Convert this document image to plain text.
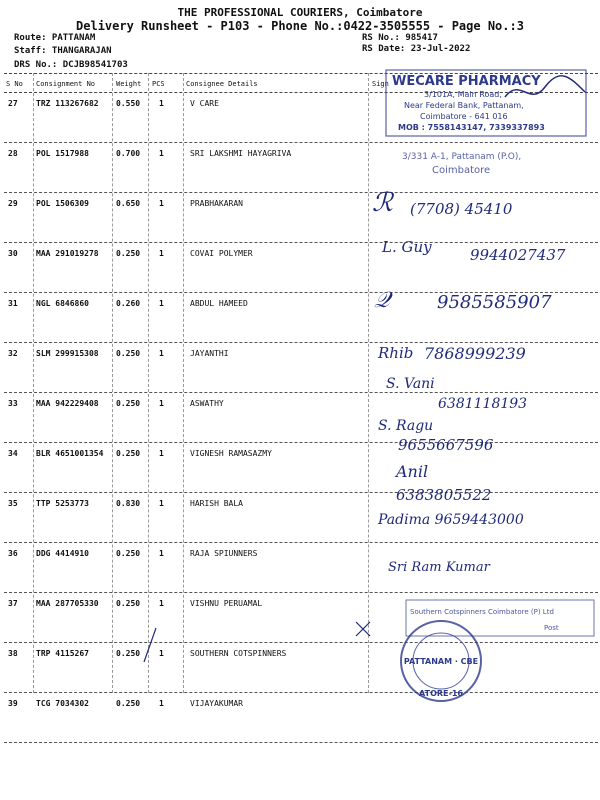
THE PROFESSIONAL COURIERS, Coimbatore
Delivery Runsheet - P103 - Phone No.:0422-3505555 - Page No.:3
Route: PATTANAM
Staff: THANGARAJAN
DRS No.: DCJB98541703
RS No.: 985417
RS Date: 23-Jul-2022
S No Consignment No	Weight PCS	Consignee Details	Sign
27 TRZ 113267682 0.550 1	V CARE
28 POL 1517988	0.700 1	SRI LAKSHMI HAYAGRIVA
29 POL 1506309	0.650 1	PRABHAKARAN
30 MAA 291019278 0.250 1	COVAI POLYMER
31 NGL 6846860	0.260 1	ABDUL HAMEED
32 SLM 299915308 0.250 1	JAYANTHI
33 MAA 942229408 0.250 1	ASWATHY
34 BLR 4651001354 0.250 1	VIGNESH RAMASAZMY
35 TTP 5253773	0.830 1	HARISH BALA
36 DDG 4414910	0.250 1	RAJA SPIUNNERS
37 MAA 287705330 0.250 1	VISHNU PERUAMAL
38 TRP 4115267	0.250 1	SOUTHERN COTSPINNERS
39 TCG 7034302	0.250 1	VIJAYAKUMAR
WECARE PHARMACY
3/101A, Main Road,
Near Federal Bank, Pattanam,
Coimbatore - 641 016
MOB : 7558143147, 7339337893
3/331 A-1, Pattanam (P.O),
Coimbatore
ℛ (7708) 45410
L. Guy	9944027437
𝒬	9585585907
Rhib 7868999239
S. Vani
6381118193
S. Ragu
9655667596
Anil
6383805522
Padima 9659443000
Sri Ram Kumar
Southern Cotspinners Coimbatore (P) Ltd
Post
PATTANAM · CBE
ATORE-16
